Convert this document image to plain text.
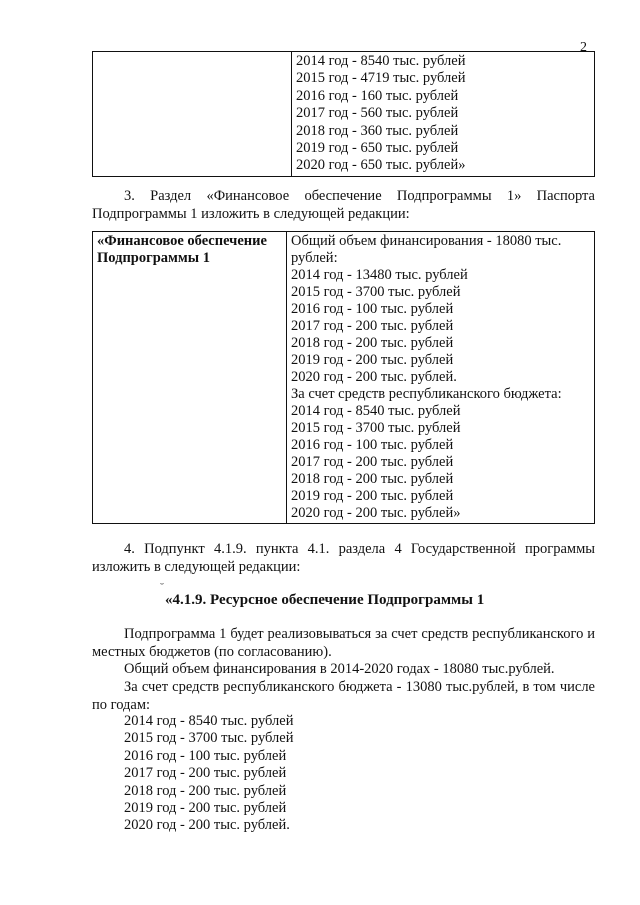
2

2014 год - 8540 тыс. рублей
2015 год - 4719 тыс. рублей
2016 год - 160 тыс. рублей
2017 год - 560 тыс. рублей
2018 год - 360 тыс. рублей
2019 год - 650 тыс. рублей
2020 год - 650 тыс. рублей»
3. Раздел «Финансовое обеспечение Подпрограммы 1» Паспорта Подпрограммы 1 изложить в следующей редакции:
«Финансовое обеспечение
Подпрограммы 1

Общий объем финансирования - 18080 тыс.
рублей:
2014 год - 13480 тыс. рублей
2015 год - 3700 тыс. рублей
2016 год - 100 тыс. рублей
2017 год - 200 тыс. рублей
2018 год - 200 тыс. рублей
2019 год - 200 тыс. рублей
2020 год - 200 тыс. рублей.
За счет средств республиканского бюджета:
2014 год - 8540 тыс. рублей
2015 год - 3700 тыс. рублей
2016 год - 100 тыс. рублей
2017 год - 200 тыс. рублей
2018 год - 200 тыс. рублей
2019 год - 200 тыс. рублей
2020 год - 200 тыс. рублей»
4. Подпункт 4.1.9. пункта 4.1. раздела 4 Государственной программы изложить в следующей редакции:
˘
«4.1.9. Ресурсное обеспечение Подпрограммы 1
Подпрограмма 1 будет реализовываться за счет средств республиканского и местных бюджетов (по согласованию).
Общий объем финансирования в 2014-2020 годах - 18080 тыс.рублей.
За счет средств республиканского бюджета - 13080 тыс.рублей, в том числе по годам:
2014 год - 8540 тыс. рублей
2015 год - 3700 тыс. рублей
2016 год - 100 тыс. рублей
2017 год - 200 тыс. рублей
2018 год - 200 тыс. рублей
2019 год - 200 тыс. рублей
2020 год - 200 тыс. рублей.
